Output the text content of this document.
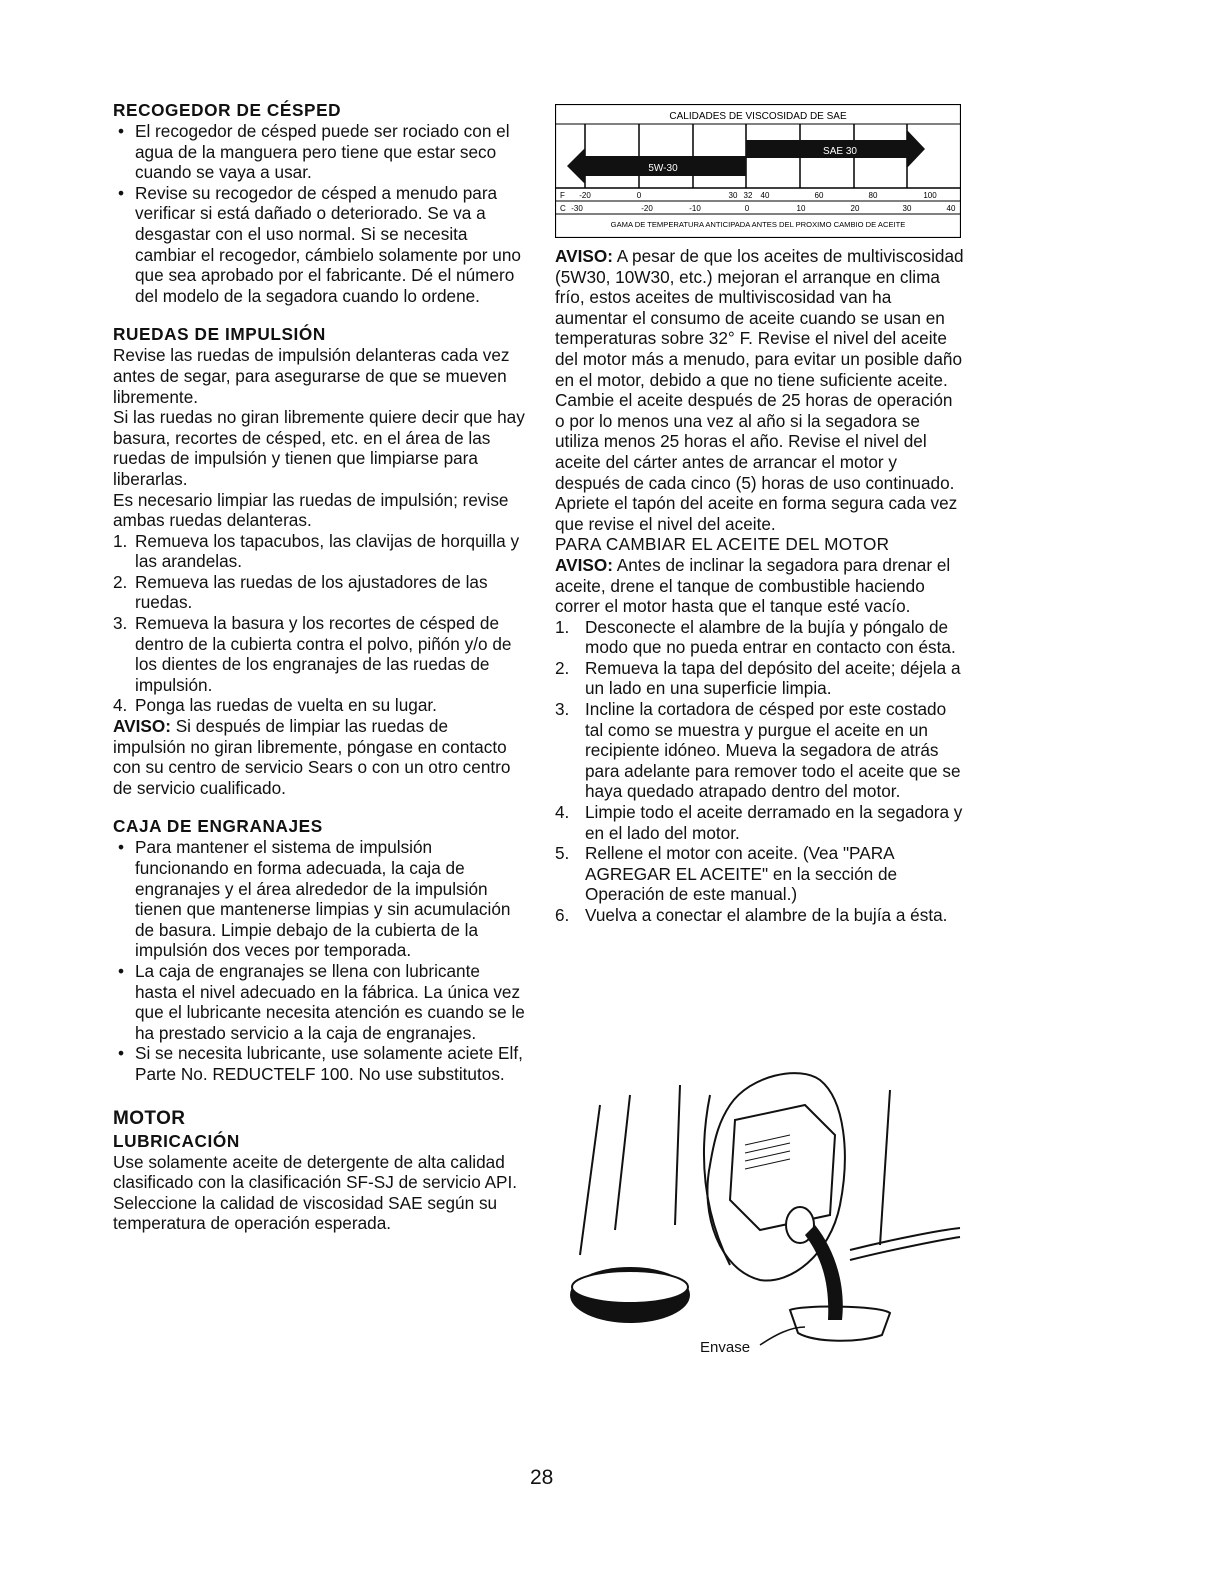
RECOGEDOR DE CÉSPED
• El recogedor de césped puede ser rociado con el agua de la manguera pero tiene que estar seco cuando se vaya a usar.
• Revise su recogedor de césped a menudo para verificar si está dañado o deteriorado. Se va a desgastar con el uso normal. Si se necesita cambiar el recogedor, cámbielo solamente por uno que sea aprobado por el fabricante. Dé el número del modelo de la segadora cuando lo ordene.
RUEDAS DE IMPULSIÓN

Revise las ruedas de impulsión delanteras cada vez antes de segar, para asegurarse de que se mueven libremente.

Si las ruedas no giran libremente quiere decir que hay basura, recortes de césped, etc. en el área de las ruedas de impulsión y tienen que limpiarse para liberarlas.

Es necesario limpiar las ruedas de impulsión; revise ambas ruedas delanteras.

1. Remueva los tapacubos, las clavijas de horquilla y las arandelas.
2. Remueva las ruedas de los ajustadores de las ruedas.
3. Remueva la basura y los recortes de césped de dentro de la cubierta contra el polvo, piñón y/o de los dientes de los engranajes de las ruedas de impulsión.
4. Ponga las ruedas de vuelta en su lugar.

AVISO: Si después de limpiar las ruedas de impulsión no giran libremente, póngase en contacto con su centro de servicio Sears o con un otro centro de servicio cualificado.

CAJA DE ENGRANAJES
• Para mantener el sistema de impulsión funcionando en forma adecuada, la caja de engranajes y el área alrededor de la impulsión tienen que mantenerse limpias y sin acumulación de basura. Limpie debajo de la cubierta de la impulsión dos veces por temporada.
• La caja de engranajes se llena con lubricante hasta el nivel adecuado en la fábrica. La única vez que el lubricante necesita atención es cuando se le ha prestado servicio a la caja de engranajes.
• Si se necesita lubricante, use solamente aciete Elf, Parte No. REDUCTELF 100. No use substitutos.
MOTOR
LUBRICACIÓN

Use solamente aceite de detergente de alta calidad clasificado con la clasificación SF-SJ de servicio API. Seleccione la calidad de viscosidad SAE según su temperatura de operación esperada.

CALIDADES DE VISCOSIDAD DE SAE
SAE 30
5W-30
F -20	0	30 32 40	60	80	100
C -30	-20	-10	0	10	20	30	40
GAMA DE TEMPERATURA ANTICIPADA ANTES DEL PROXIMO CAMBIO DE ACEITE

AVISO: A pesar de que los aceites de multiviscosidad (5W30, 10W30, etc.) mejoran el arranque en clima frío, estos aceites de multiviscosidad van ha aumentar el consumo de aceite cuando se usan en temperaturas sobre 32° F. Revise el nivel del aceite del motor más a menudo, para evitar un posible daño en el motor, debido a que no tiene suficiente aceite.

Cambie el aceite después de 25 horas de operación o por lo menos una vez al año si la segadora se utiliza menos 25 horas el año. Revise el nivel del aceite del cárter antes de arrancar el motor y después de cada cinco (5) horas de uso continuado. Apriete el tapón del aceite en forma segura cada vez que revise el nivel del aceite.

PARA CAMBIAR EL ACEITE DEL MOTOR

AVISO: Antes de inclinar la segadora para drenar el aceite, drene el tanque de combustible haciendo correr el motor hasta que el tanque esté vacío.

1. Desconecte el alambre de la bujía y póngalo de modo que no pueda entrar en contacto con ésta.
2. Remueva la tapa del depósito del aceite; déjela a un lado en una superficie limpia.
3. Incline la cortadora de césped por este costado tal como se muestra y purgue el aceite en un recipiente idóneo. Mueva la segadora de atrás para adelante para remover todo el aceite que se haya quedado atrapado dentro del motor.
4. Limpie todo el aceite derramado en la segadora y en el lado del motor.
5. Rellene el motor con aceite. (Vea "PARA AGREGAR EL ACEITE" en la sección de Operación de este manual.)
6. Vuelva a conectar el alambre de la bujía a ésta.
Envase
28
